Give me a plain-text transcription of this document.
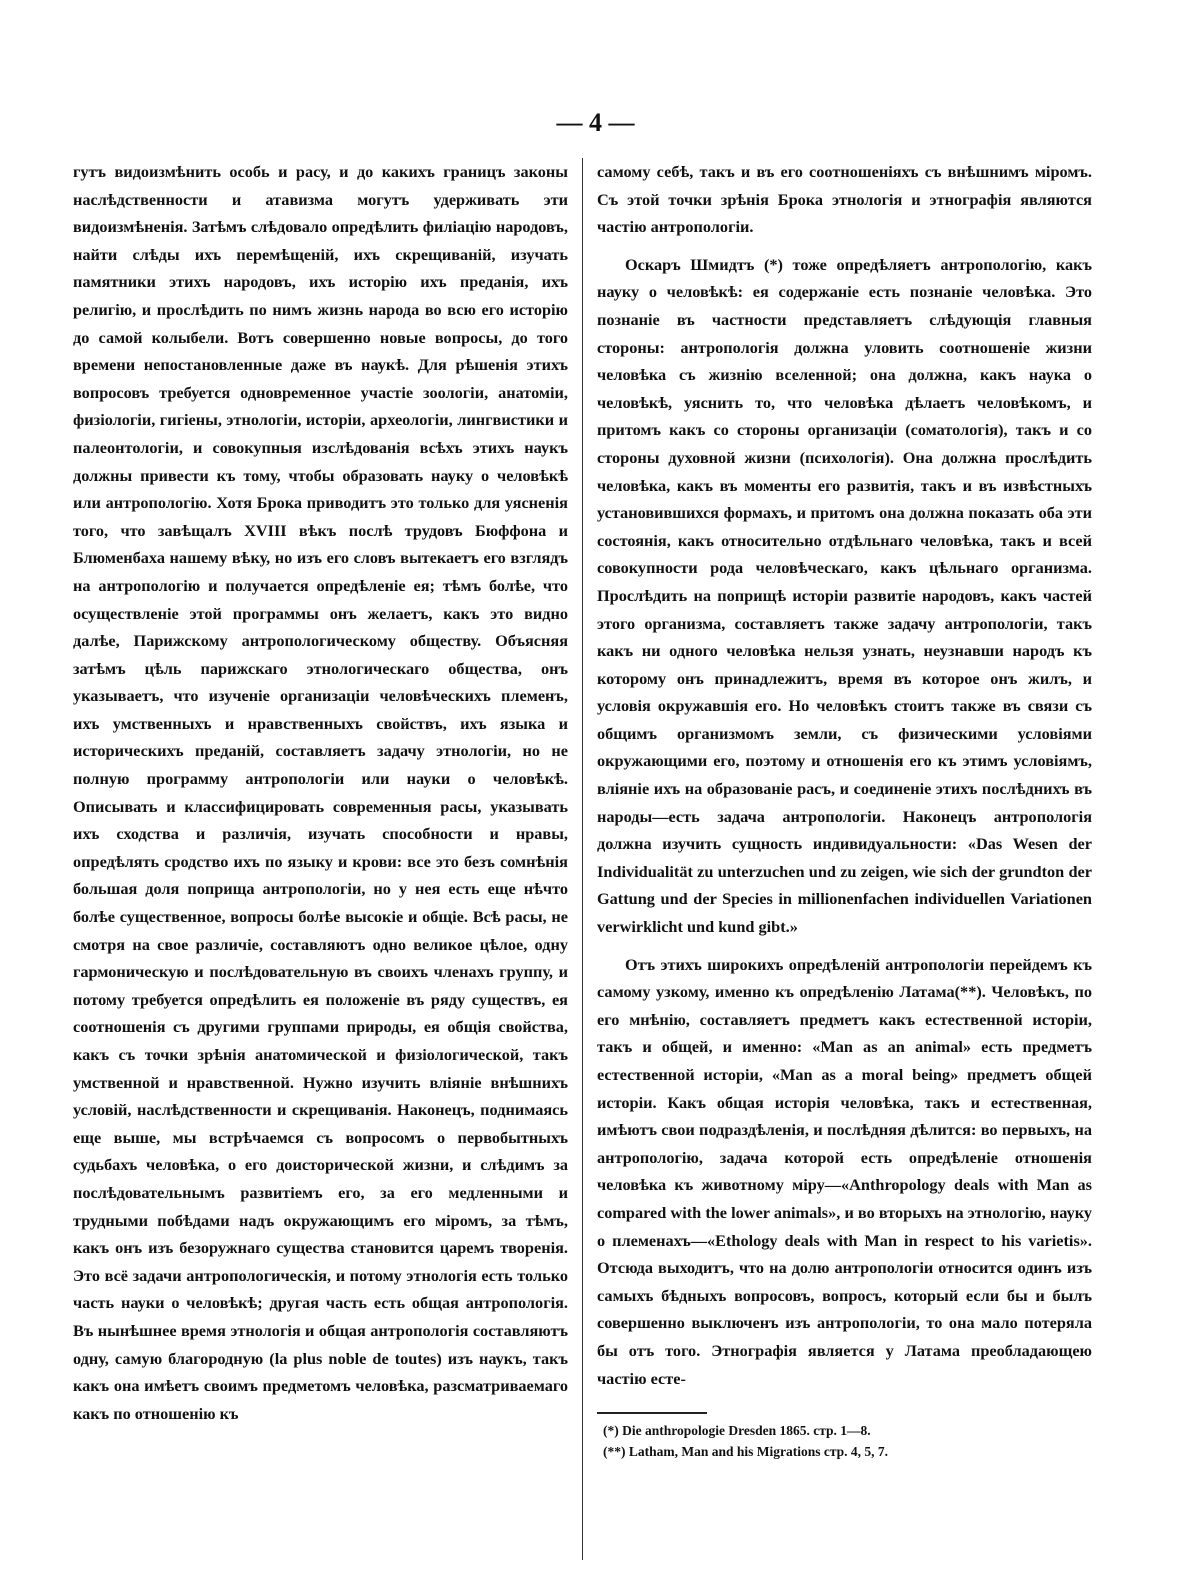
— 4 —

гутъ видоизмѣнить особь и расу, и до какихъ границъ законы наслѣдственности и атавизма могутъ удерживать эти видоизмѣненія. Затѣмъ слѣдовало опредѣлить филіацію народовъ, найти слѣды ихъ перемѣщеній, ихъ скрещиваній, изучать памятники этихъ народовъ, ихъ исторію ихъ преданія, ихъ религію, и прослѣдить по нимъ жизнь народа во всю его исторію до самой колыбели. Вотъ совершенно новые вопросы, до того времени непостановленные даже въ наукѣ. Для рѣшенія этихъ вопросовъ требуется одновременное участіе зоологіи, анатоміи, физіологіи, гигіены, этнологіи, исторіи, археологіи, лингвистики и палеонтологіи, и совокупныя изслѣдованія всѣхъ этихъ наукъ должны привести къ тому, чтобы образовать науку о человѣкѣ или антропологію. Хотя Брока приводитъ это только для уясненія того, что завѣщалъ XVIII вѣкъ послѣ трудовъ Бюффона и Блюменбаха нашему вѣку, но изъ его словъ вытекаетъ его взглядъ на антропологію и получается опредѣленіе ея; тѣмъ болѣе, что осуществленіе этой программы онъ желаетъ, какъ это видно далѣе, Парижскому антропологическому обществу. Объясняя затѣмъ цѣль парижскаго этнологическаго общества, онъ указываетъ, что изученіе организаціи человѣческихъ племенъ, ихъ умственныхъ и нравственныхъ свойствъ, ихъ языка и историческихъ преданій, составляетъ задачу этнологіи, но не полную программу антропологіи или науки о человѣкѣ. Описывать и классифицировать современныя расы, указывать ихъ сходства и различія, изучать способности и нравы, опредѣлять сродство ихъ по языку и крови: все это безъ сомнѣнія большая доля поприща антропологіи, но у нея есть еще нѣчто болѣе существенное, вопросы болѣе высокіе и общіе. Всѣ расы, не смотря на свое различіе, составляютъ одно великое цѣлое, одну гармоническую и послѣдовательную въ своихъ членахъ группу, и потому требуется опредѣлить ея положеніе въ ряду существъ, ея соотношенія съ другими группами природы, ея общія свойства, какъ съ точки зрѣнія анатомической и физіологической, такъ умственной и нравственной. Нужно изучить вліяніе внѣшнихъ условій, наслѣдственности и скрещиванія. Наконецъ, поднимаясь еще выше, мы встрѣчаемся съ вопросомъ о первобытныхъ судьбахъ человѣка, о его доисторической жизни, и слѣдимъ за послѣдовательнымъ развитіемъ его, за его медленными и трудными побѣдами надъ окружающимъ его міромъ, за тѣмъ, какъ онъ изъ безоружнаго существа становится царемъ творенія. Это всё задачи антропологическія, и потому этнологія есть только часть науки о человѣкѣ; другая часть есть общая антропологія. Въ нынѣшнее время этнологія и общая антропологія составляютъ одну, самую благородную (la plus noble de toutes) изъ наукъ, такъ какъ она имѣетъ своимъ предметомъ человѣка, разсматриваемаго какъ по отношенію къ

самому себѣ, такъ и въ его соотношеніяхъ съ внѣшнимъ міромъ. Съ этой точки зрѣнія Брока этнологія и этнографія являются частію антропологіи.

Оскаръ Шмидтъ (*) тоже опредѣляетъ антропологію, какъ науку о человѣкѣ: ея содержаніе есть познаніе человѣка. Это познаніе въ частности представляетъ слѣдующія главныя стороны: антропологія должна уловить соотношеніе жизни человѣка съ жизнію вселенной; она должна, какъ наука о человѣкѣ, уяснить то, что человѣка дѣлаетъ человѣкомъ, и притомъ какъ со стороны организаціи (соматологія), такъ и со стороны духовной жизни (психологія). Она должна прослѣдить человѣка, какъ въ моменты его развитія, такъ и въ извѣстныхъ установившихся формахъ, и притомъ она должна показать оба эти состоянія, какъ относительно отдѣльнаго человѣка, такъ и всей совокупности рода человѣческаго, какъ цѣльнаго организма. Прослѣдить на поприщѣ исторіи развитіе народовъ, какъ частей этого организма, составляетъ также задачу антропологіи, такъ какъ ни одного человѣка нельзя узнать, неузнавши народъ къ которому онъ принадлежитъ, время въ которое онъ жилъ, и условія окружавшія его. Но человѣкъ стоитъ также въ связи съ общимъ организмомъ земли, съ физическими условіями окружающими его, поэтому и отношенія его къ этимъ условіямъ, вліяніе ихъ на образованіе расъ, и соединеніе этихъ послѣднихъ въ народы—есть задача антропологіи. Наконецъ антропологія должна изучить сущность индивидуальности: «Das Wesen der Individualität zu unterzuchen und zu zeigen, wie sich der grundton der Gattung und der Species in millionenfachen individuellen Variationen verwirklicht und kund gibt.»

Отъ этихъ широкихъ опредѣленій антропологіи перейдемъ къ самому узкому, именно къ опредѣленію Латама(**). Человѣкъ, по его мнѣнію, составляетъ предметъ какъ естественной исторіи, такъ и общей, и именно: «Man as an animal» есть предметъ естественной исторіи, «Man as a moral being» предметъ общей исторіи. Какъ общая исторія человѣка, такъ и естественная, имѣютъ свои подраздѣленія, и послѣдняя дѣлится: во первыхъ, на антропологію, задача которой есть опредѣленіе отношенія человѣка къ животному міру—«Anthropology deals with Man as compared with the lower animals», и во вторыхъ на этнологію, науку о племенахъ—«Ethology deals with Man in respect to his varietis». Отсюда выходитъ, что на долю антропологіи относится одинъ изъ самыхъ бѣдныхъ вопросовъ, вопросъ, который если бы и былъ совершенно выключенъ изъ антропологіи, то она мало потеряла бы отъ того. Этнографія является у Латама преобладающею частію есте-

(*) Die anthropologie Dresden 1865. стр. 1—8.
(**) Latham, Man and his Migrations стр. 4, 5, 7.
